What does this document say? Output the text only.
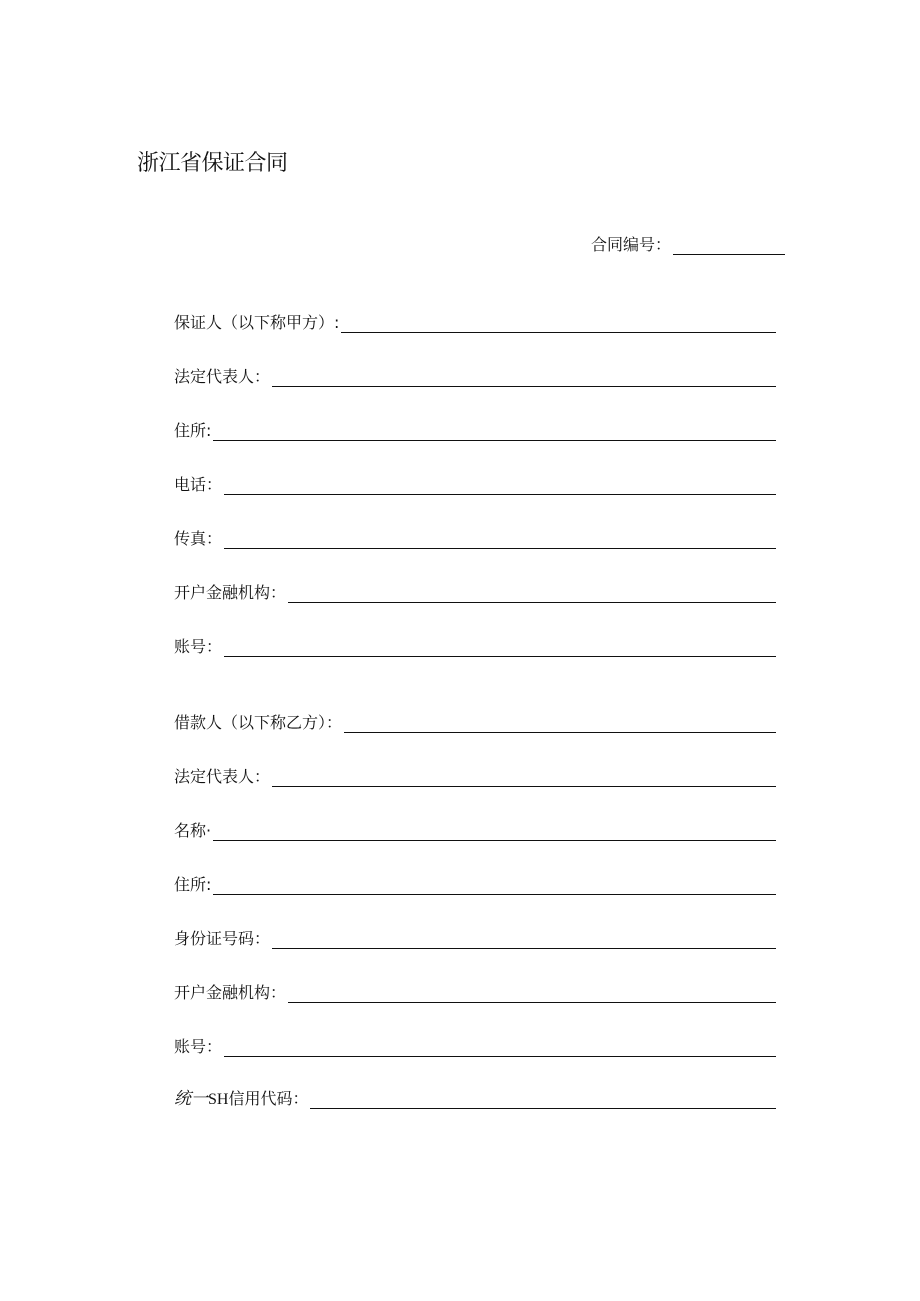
浙江省保证合同
合同编号：
保证人（以下称甲方）:
法定代表人：
住所:
电话：
传真：
开户金融机构：
账号：
借款人（以下称乙方）：
法定代表人：
名称·
住所:
身份证号码：
开户金融机构：
账号：
统一SH信用代码：
